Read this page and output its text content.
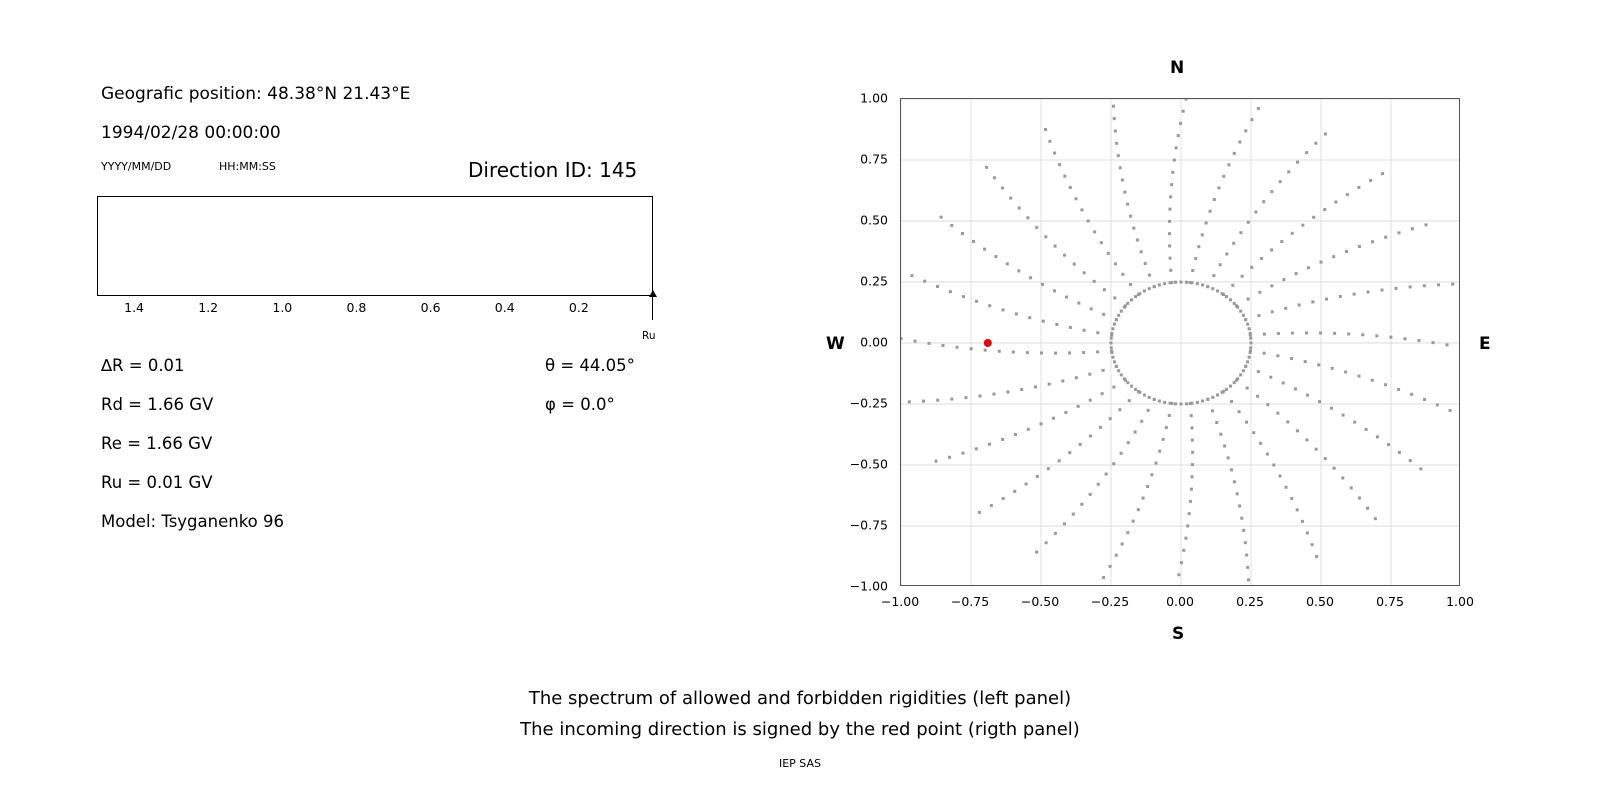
Geografic position: 48.38°N 21.43°E
1994/02/28 00:00:00
YYYY/MM/DD	HH:MM:SS	Direction ID: 145
1.4	1.2	1.0	0.8	0.6	0.4	0.2
Ru
∆R = 0.01
Rd = 1.66 GV
Re = 1.66 GV
Ru = 0.01 GV
Model: Tsyganenko 96
θ = 44.05°
φ = 0.0°
N
S
W	E
−1.00	−0.75	−0.50	−0.25	0.00	0.25	0.50	0.75	1.00
−1.00
−0.75
−0.50
−0.25
0.00
0.25
0.50
0.75
1.00
The spectrum of allowed and forbidden rigidities (left panel)
The incoming direction is signed by the red point (rigth panel)
IEP SAS
